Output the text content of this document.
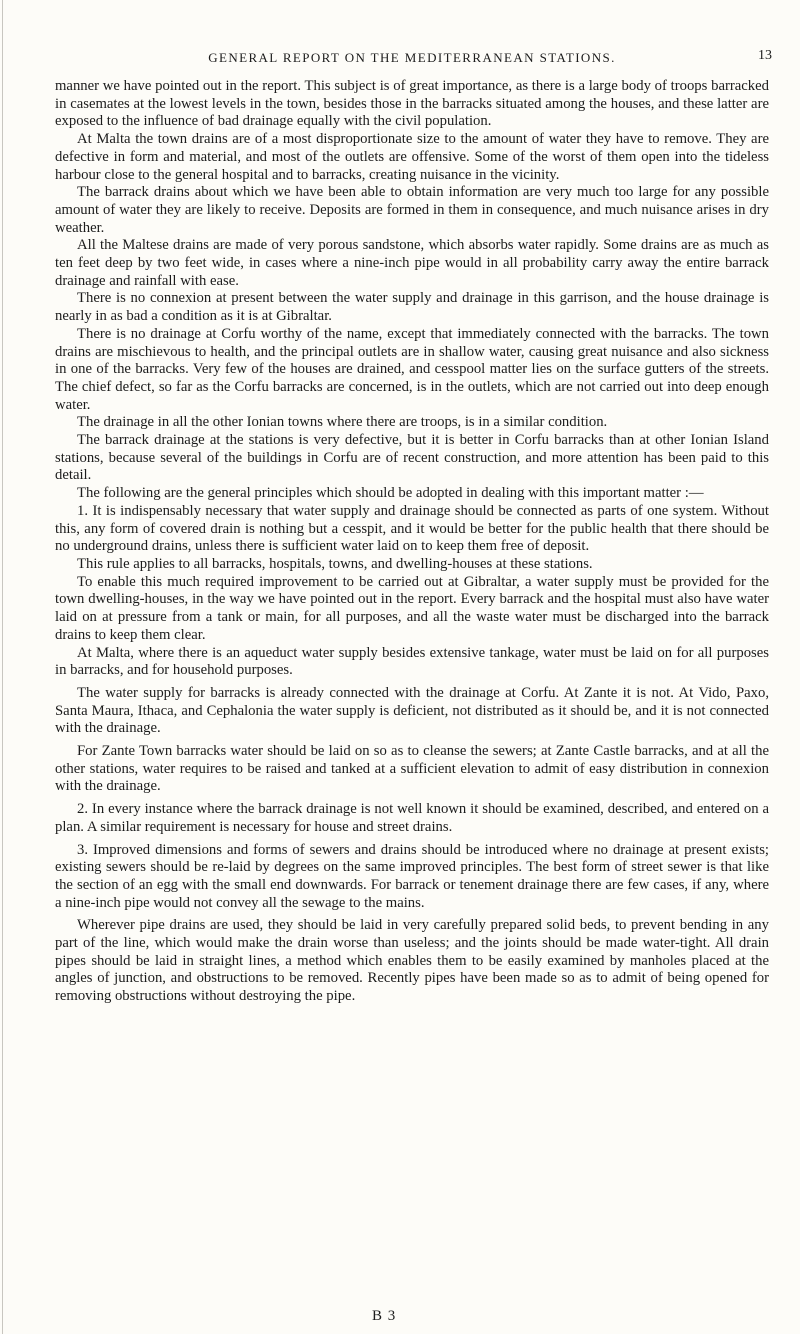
GENERAL REPORT ON THE MEDITERRANEAN STATIONS.	13

manner we have pointed out in the report. This subject is of great importance, as there is a large body of troops barracked in casemates at the lowest levels in the town, besides those in the barracks situated among the houses, and these latter are exposed to the influence of bad drainage equally with the civil population.

At Malta the town drains are of a most disproportionate size to the amount of water they have to remove. They are defective in form and material, and most of the outlets are offensive. Some of the worst of them open into the tideless harbour close to the general hospital and to barracks, creating nuisance in the vicinity.

The barrack drains about which we have been able to obtain information are very much too large for any possible amount of water they are likely to receive. Deposits are formed in them in consequence, and much nuisance arises in dry weather.

All the Maltese drains are made of very porous sandstone, which absorbs water rapidly. Some drains are as much as ten feet deep by two feet wide, in cases where a nine-inch pipe would in all probability carry away the entire barrack drainage and rainfall with ease.

There is no connexion at present between the water supply and drainage in this garrison, and the house drainage is nearly in as bad a condition as it is at Gibraltar.

There is no drainage at Corfu worthy of the name, except that immediately connected with the barracks. The town drains are mischievous to health, and the principal outlets are in shallow water, causing great nuisance and also sickness in one of the barracks. Very few of the houses are drained, and cesspool matter lies on the surface gutters of the streets. The chief defect, so far as the Corfu barracks are concerned, is in the outlets, which are not carried out into deep enough water.

The drainage in all the other Ionian towns where there are troops, is in a similar condition.

The barrack drainage at the stations is very defective, but it is better in Corfu barracks than at other Ionian Island stations, because several of the buildings in Corfu are of recent construction, and more attention has been paid to this detail.

The following are the general principles which should be adopted in dealing with this important matter :—

1. It is indispensably necessary that water supply and drainage should be connected as parts of one system. Without this, any form of covered drain is nothing but a cesspit, and it would be better for the public health that there should be no underground drains, unless there is sufficient water laid on to keep them free of deposit.

This rule applies to all barracks, hospitals, towns, and dwelling-houses at these stations.

To enable this much required improvement to be carried out at Gibraltar, a water supply must be provided for the town dwelling-houses, in the way we have pointed out in the report. Every barrack and the hospital must also have water laid on at pressure from a tank or main, for all purposes, and all the waste water must be discharged into the barrack drains to keep them clear.

At Malta, where there is an aqueduct water supply besides extensive tankage, water must be laid on for all purposes in barracks, and for household purposes.

The water supply for barracks is already connected with the drainage at Corfu. At Zante it is not. At Vido, Paxo, Santa Maura, Ithaca, and Cephalonia the water supply is deficient, not distributed as it should be, and it is not connected with the drainage.

For Zante Town barracks water should be laid on so as to cleanse the sewers; at Zante Castle barracks, and at all the other stations, water requires to be raised and tanked at a sufficient elevation to admit of easy distribution in connexion with the drainage.

2. In every instance where the barrack drainage is not well known it should be examined, described, and entered on a plan. A similar requirement is necessary for house and street drains.

3. Improved dimensions and forms of sewers and drains should be introduced where no drainage at present exists; existing sewers should be re-laid by degrees on the same improved principles. The best form of street sewer is that like the section of an egg with the small end downwards. For barrack or tenement drainage there are few cases, if any, where a nine-inch pipe would not convey all the sewage to the mains.

Wherever pipe drains are used, they should be laid in very carefully prepared solid beds, to prevent bending in any part of the line, which would make the drain worse than useless; and the joints should be made water-tight. All drain pipes should be laid in straight lines, a method which enables them to be easily examined by manholes placed at the angles of junction, and obstructions to be removed. Recently pipes have been made so as to admit of being opened for removing obstructions without destroying the pipe.

B 3
